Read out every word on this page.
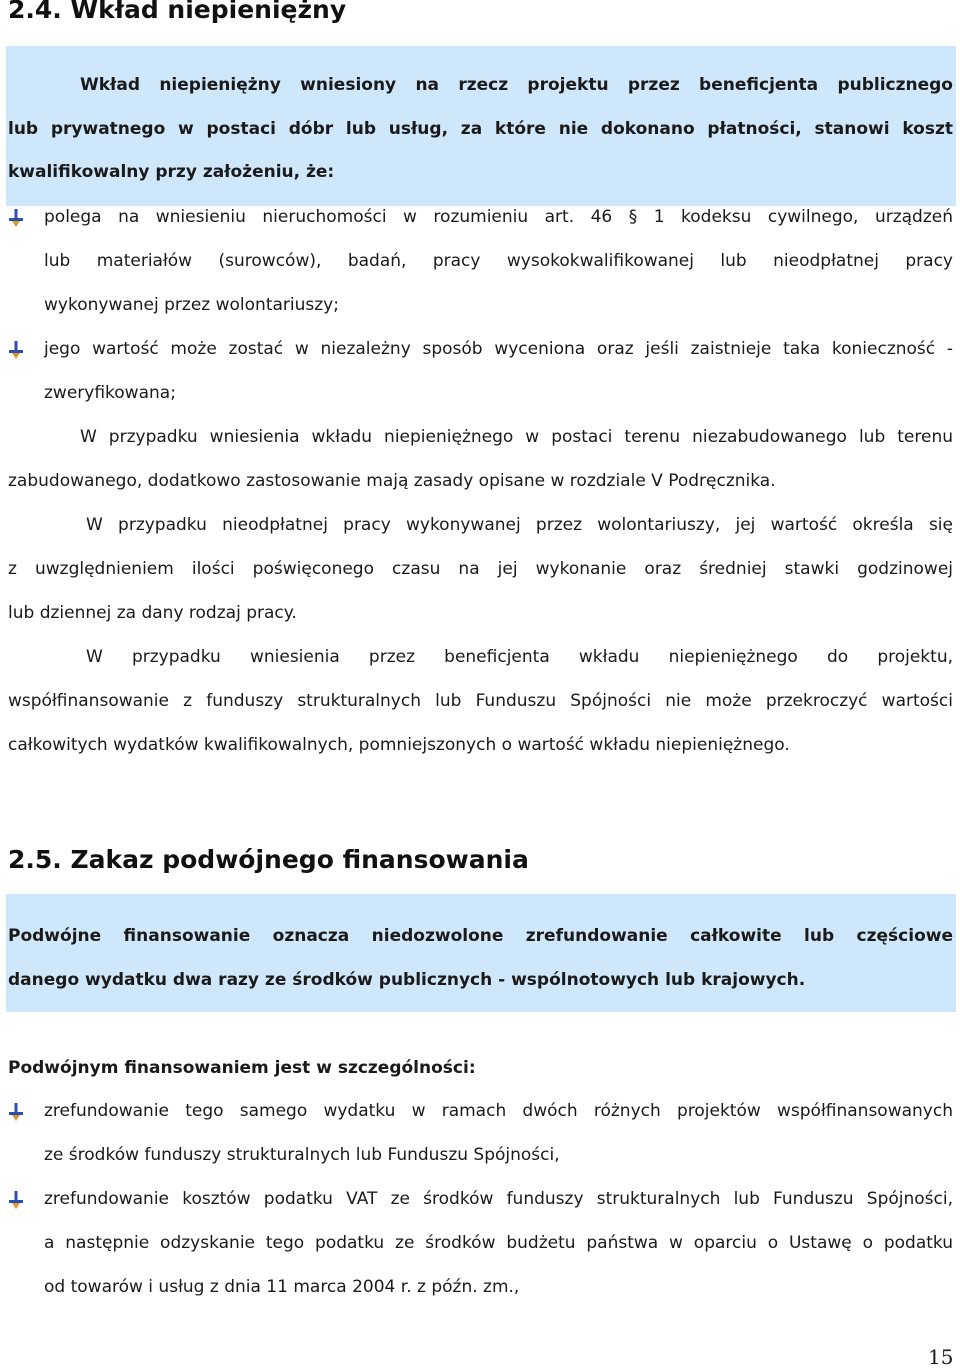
2.4. Wkład niepieniężny
Wkład niepieniężny wniesiony na rzecz projektu przez beneficjenta publicznego
lub prywatnego w postaci dóbr lub usług, za które nie dokonano płatności, stanowi koszt
kwalifikowalny przy założeniu, że:
polega na wniesieniu nieruchomości w rozumieniu art. 46 § 1 kodeksu cywilnego, urządzeń
lub materiałów (surowców), badań, pracy wysokokwalifikowanej lub nieodpłatnej pracy
wykonywanej przez wolontariuszy;
jego wartość może zostać w niezależny sposób wyceniona oraz jeśli zaistnieje taka konieczność -
zweryfikowana;
W przypadku wniesienia wkładu niepieniężnego w postaci terenu niezabudowanego lub terenu
zabudowanego, dodatkowo zastosowanie mają zasady opisane w rozdziale V Podręcznika.
W przypadku nieodpłatnej pracy wykonywanej przez wolontariuszy, jej wartość określa się
z uwzględnieniem ilości poświęconego czasu na jej wykonanie oraz średniej stawki godzinowej
lub dziennej za dany rodzaj pracy.
W przypadku wniesienia przez beneficjenta wkładu niepieniężnego do projektu,
współfinansowanie z funduszy strukturalnych lub Funduszu Spójności nie może przekroczyć wartości
całkowitych wydatków kwalifikowalnych, pomniejszonych o wartość wkładu niepieniężnego.
2.5. Zakaz podwójnego finansowania
Podwójne finansowanie oznacza niedozwolone zrefundowanie całkowite lub częściowe
danego wydatku dwa razy ze środków publicznych - wspólnotowych lub krajowych.
Podwójnym finansowaniem jest w szczególności:
zrefundowanie tego samego wydatku w ramach dwóch różnych projektów współfinansowanych
ze środków funduszy strukturalnych lub Funduszu Spójności,
zrefundowanie kosztów podatku VAT ze środków funduszy strukturalnych lub Funduszu Spójności,
a następnie odzyskanie tego podatku ze środków budżetu państwa w oparciu o Ustawę o podatku
od towarów i usług z dnia 11 marca 2004 r. z późn. zm.,
15
